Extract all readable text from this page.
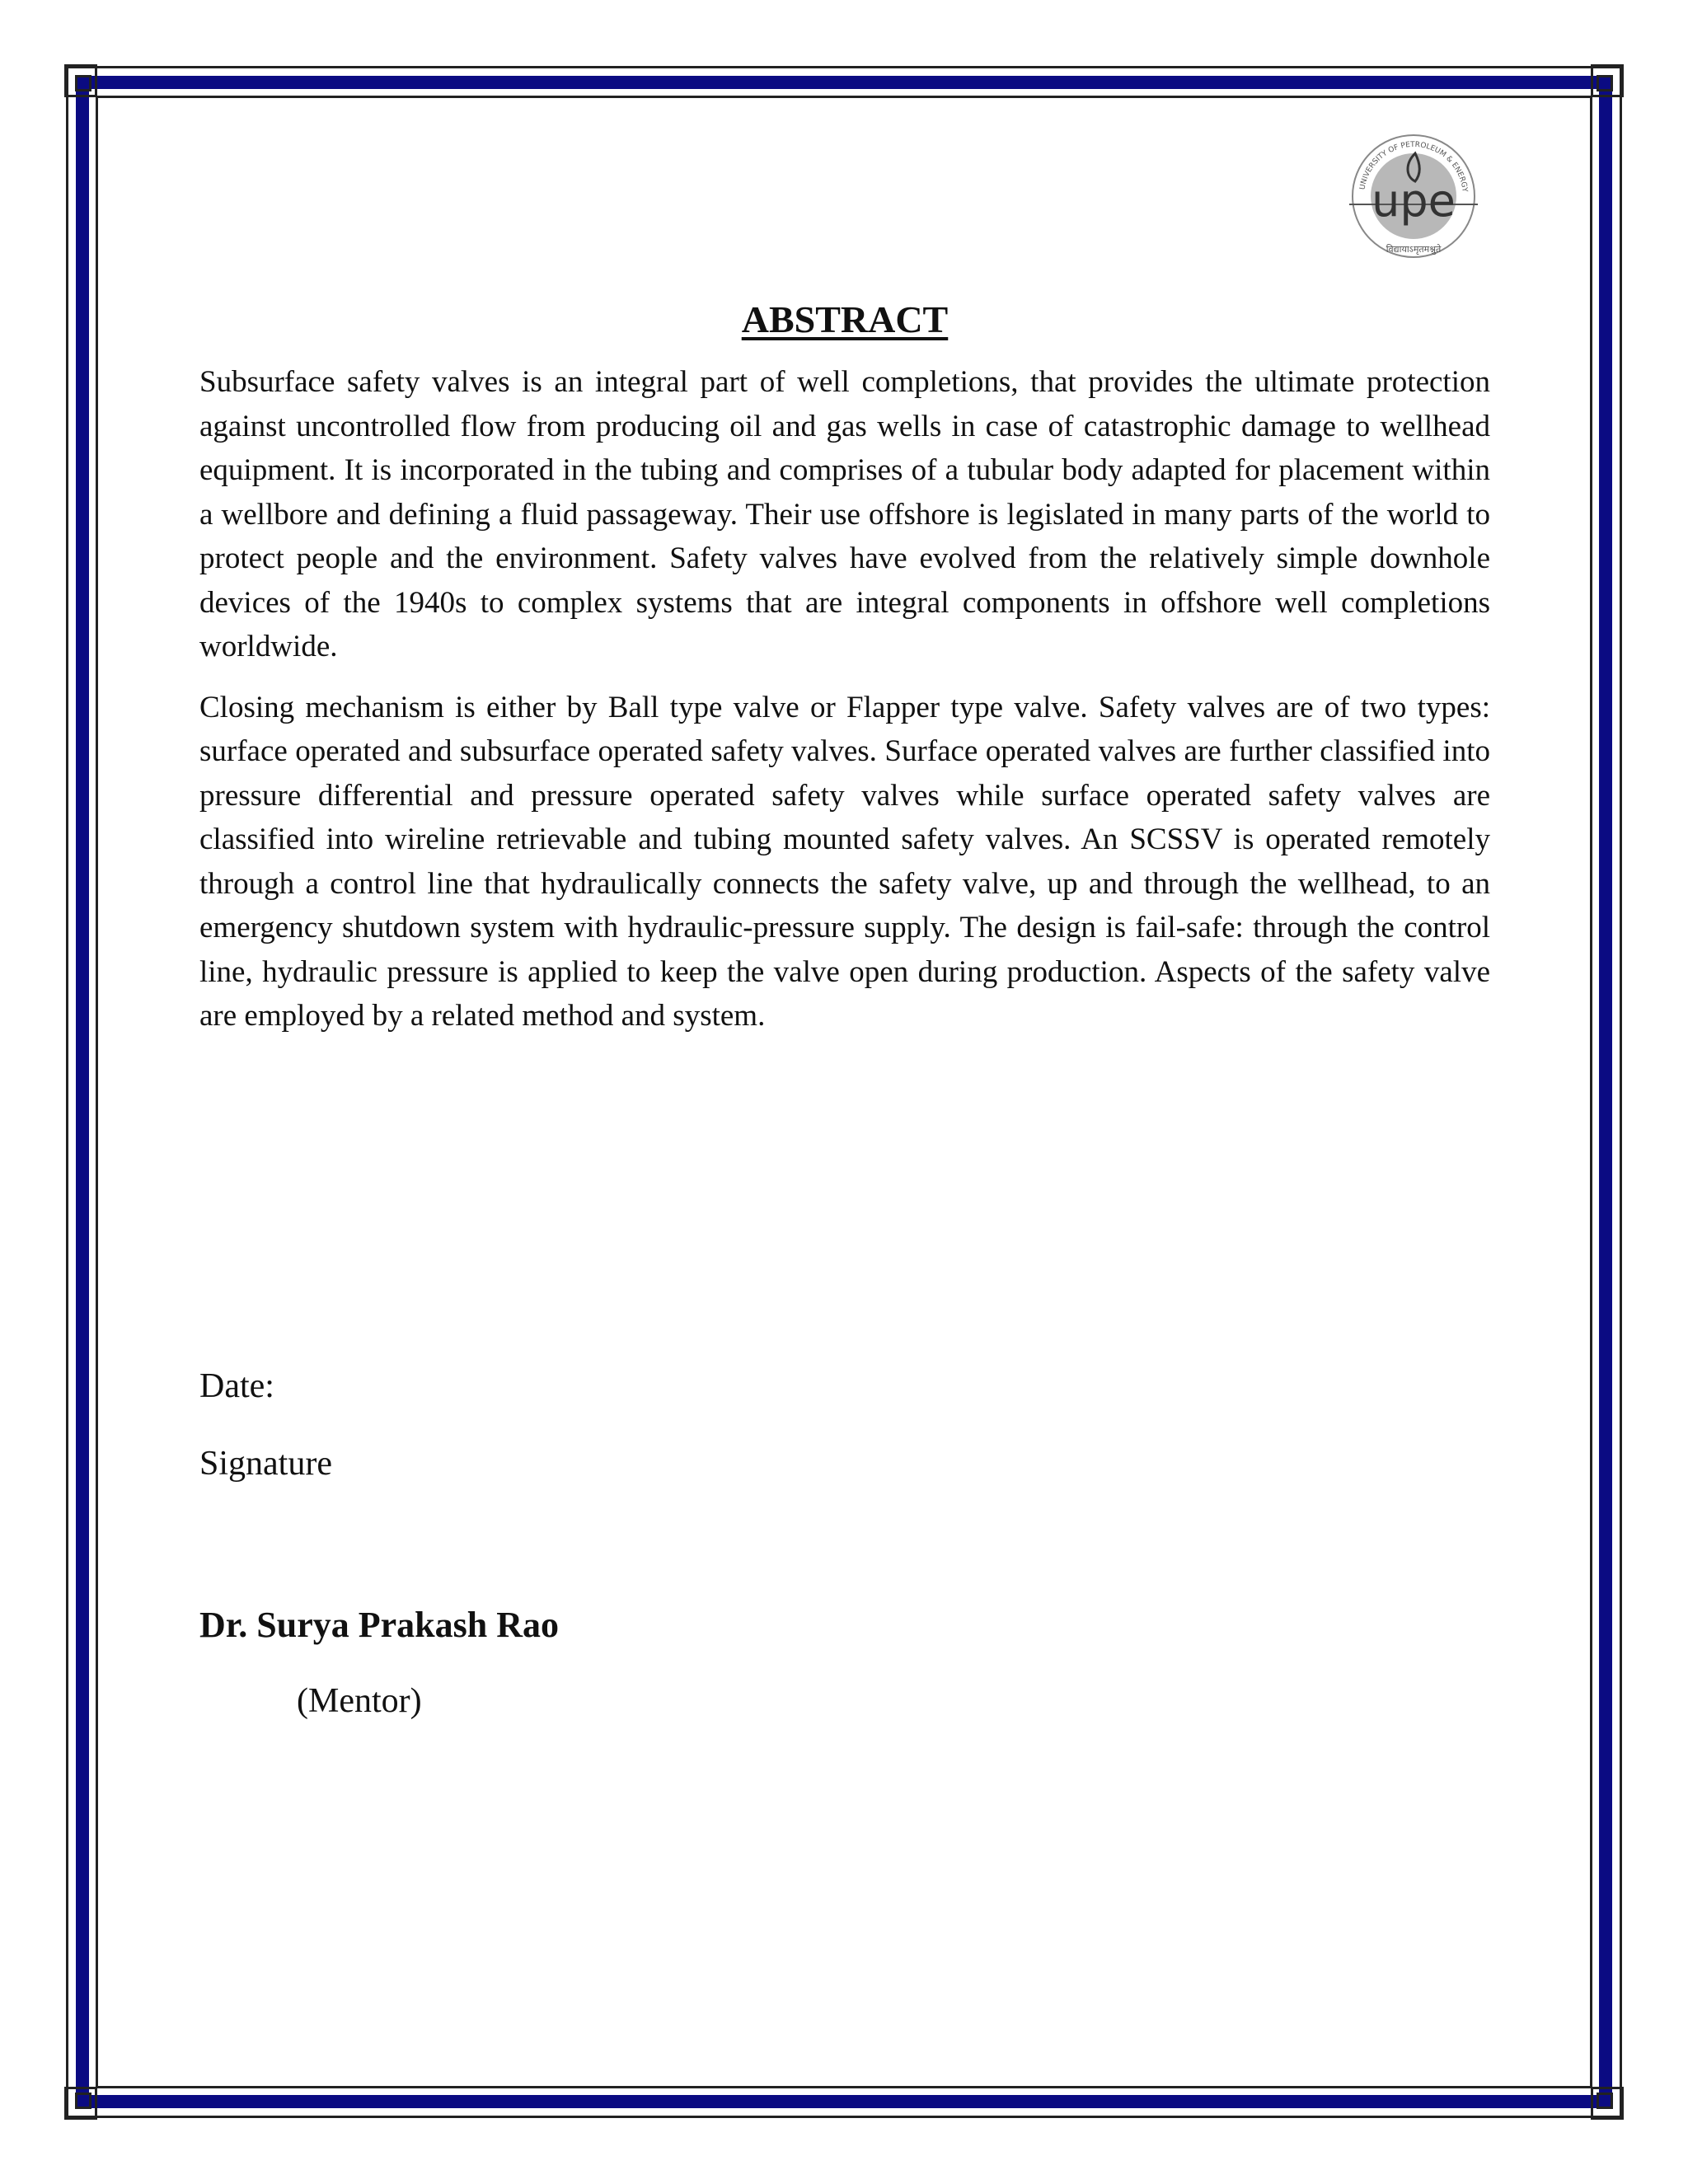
UNIVERSITY OF PETROLEUM & ENERGY
upe
विद्यायाऽमृतमश्नुते
ABSTRACT

Subsurface safety valves is an integral part of well completions, that provides the ultimate protection against uncontrolled flow from producing oil and gas wells in case of catastrophic damage to wellhead equipment. It is incorporated in the tubing and comprises of a tubular body adapted for placement within a wellbore and defining a fluid passageway. Their use offshore is legislated in many parts of the world to protect people and the environment. Safety valves have evolved from the relatively simple downhole devices of the 1940s to complex systems that are integral components in offshore well completions worldwide.

Closing mechanism is either by Ball type valve or Flapper type valve. Safety valves are of two types: surface operated and subsurface operated safety valves. Surface operated valves are further classified into pressure differential and pressure operated safety valves while surface operated safety valves are classified into wireline retrievable and tubing mounted safety valves. An SCSSV is operated remotely through a control line that hydraulically connects the safety valve, up and through the wellhead, to an emergency shutdown system with hydraulic-pressure supply. The design is fail-safe: through the control line, hydraulic pressure is applied to keep the valve open during production. Aspects of the safety valve are employed by a related method and system.

Date:
Signature
Dr. Surya Prakash Rao
(Mentor)
